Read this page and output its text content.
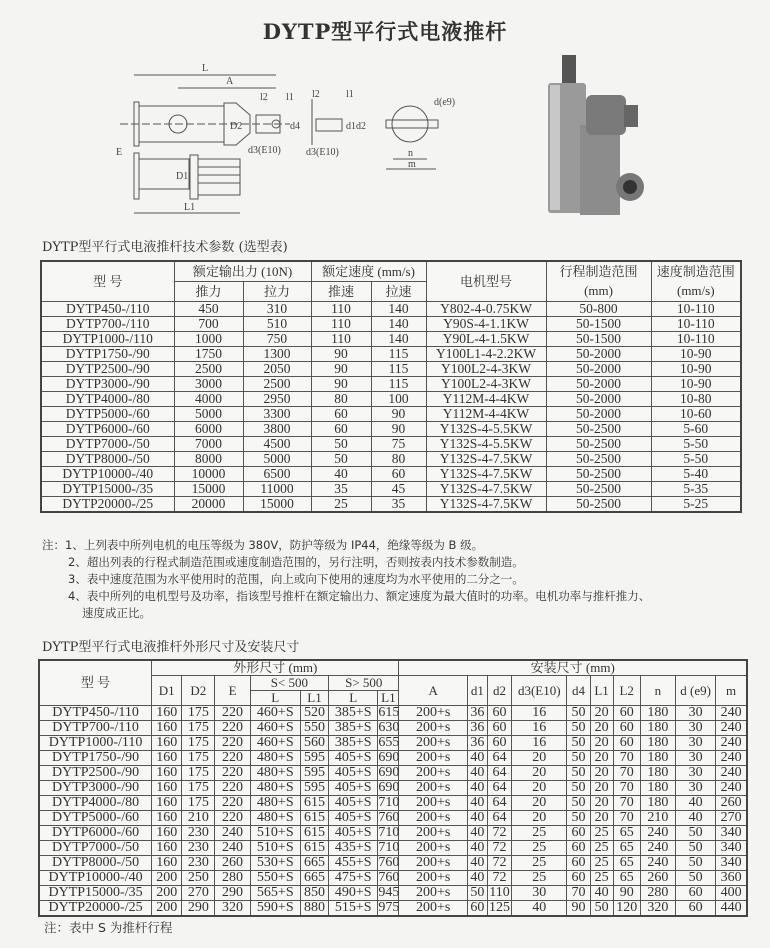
DYTP型平行式电液推杆
L
A
D2
l2 l1
d4
d3(E10)
E
D1
L1
l2	l1
d1 d2
d3(E10)
d(e9)
n
m
DYTP型平行式电液推杆技术参数 (选型表)
型 号	额定输出力 (10N)		额定速度 (mm/s)		电机型号	行程制造范围	速度制造范围
	推力	拉力	推速	拉速		(mm)	(mm/s)
DYTP450-/110	450	310	110	140	Y802-4-0.75KW	50-800	10-110
DYTP700-/110	700	510	110	140	Y90S-4-1.1KW	50-1500	10-110
DYTP1000-/110	1000	750	110	140	Y90L-4-1.5KW	50-1500	10-110
DYTP1750-/90	1750	1300	90	115	Y100L1-4-2.2KW	50-2000	10-90
DYTP2500-/90	2500	2050	90	115	Y100L2-4-3KW	50-2000	10-90
DYTP3000-/90	3000	2500	90	115	Y100L2-4-3KW	50-2000	10-90
DYTP4000-/80	4000	2950	80	100	Y112M-4-4KW	50-2000	10-80
DYTP5000-/60	5000	3300	60	90	Y112M-4-4KW	50-2000	10-60
DYTP6000-/60	6000	3800	60	90	Y132S-4-5.5KW	50-2500	5-60
DYTP7000-/50	7000	4500	50	75	Y132S-4-5.5KW	50-2500	5-50
DYTP8000-/50	8000	5000	50	80	Y132S-4-7.5KW	50-2500	5-50
DYTP10000-/40	10000	6500	40	60	Y132S-4-7.5KW	50-2500	5-40
DYTP15000-/35	15000	11000	35	45	Y132S-4-7.5KW	50-2500	5-35
DYTP20000-/25	20000	15000	25	35	Y132S-4-7.5KW	50-2500	5-25
注：1、上列表中所列电机的电压等级为 380V，防护等级为 IP44，绝缘等级为 B 级。
2、超出列表的行程式制造范围或速度制造范围的，另行注明，否则按表内技术参数制造。
3、表中速度范围为水平使用时的范围，向上或向下使用的速度均为水平使用的二分之一。
4、表中所列的电机型号及功率，指该型号推杆在额定输出力、额定速度为最大值时的功率。电机功率与推杆推力、
速度成正比。
DYTP型平行式电液推杆外形尺寸及安装尺寸
型 号	外形尺寸 (mm)							安装尺寸 (mm)									
	D1	D2	E	S< 500		S> 500		A	d1	d2	d3(E10)	d4	L1	L2	n	d (e9)	m
				L	L1	L	L1										
DYTP450-/110	160	175	220	460+S	520	385+S	615	200+s	36	60	16	50	20	60	180	30	240
DYTP700-/110	160	175	220	460+S	550	385+S	630	200+s	36	60	16	50	20	60	180	30	240
DYTP1000-/110	160	175	220	460+S	560	385+S	655	200+s	36	60	16	50	20	60	180	30	240
DYTP1750-/90	160	175	220	480+S	595	405+S	690	200+s	40	64	20	50	20	70	180	30	240
DYTP2500-/90	160	175	220	480+S	595	405+S	690	200+s	40	64	20	50	20	70	180	30	240
DYTP3000-/90	160	175	220	480+S	595	405+S	690	200+s	40	64	20	50	20	70	180	30	240
DYTP4000-/80	160	175	220	480+S	615	405+S	710	200+s	40	64	20	50	20	70	180	40	260
DYTP5000-/60	160	210	220	480+S	615	405+S	760	200+s	40	64	20	50	20	70	210	40	270
DYTP6000-/60	160	230	240	510+S	615	405+S	710	200+s	40	72	25	60	25	65	240	50	340
DYTP7000-/50	160	230	240	510+S	615	435+S	710	200+s	40	72	25	60	25	65	240	50	340
DYTP8000-/50	160	230	260	530+S	665	455+S	760	200+s	40	72	25	60	25	65	240	50	340
DYTP10000-/40	200	250	280	550+S	665	475+S	760	200+s	40	72	25	60	25	65	260	50	360
DYTP15000-/35	200	270	290	565+S	850	490+S	945	200+s	50	110	30	70	40	90	280	60	400
DYTP20000-/25	200	290	320	590+S	880	515+S	975	200+s	60	125	40	90	50	120	320	60	440
注：表中 S 为推杆行程
